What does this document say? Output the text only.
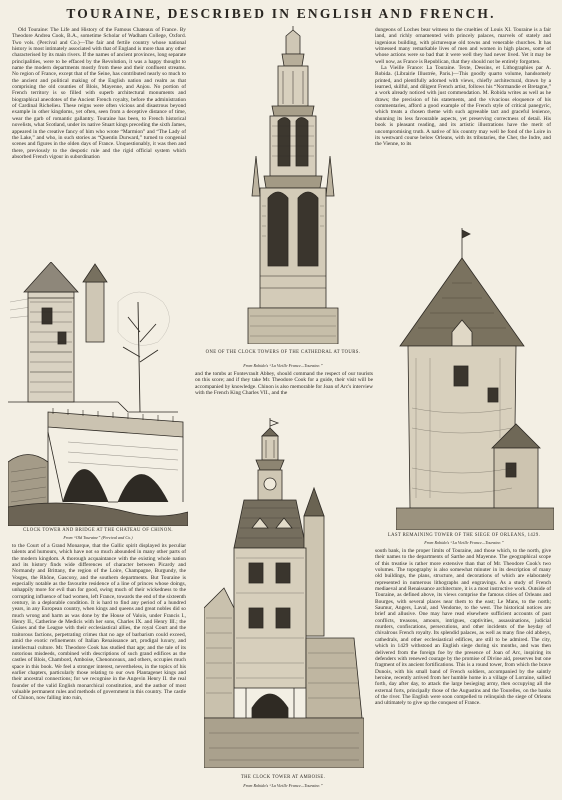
TOURAINE, DESCRIBED IN ENGLISH AND FRENCH.

Old Touraine: The Life and History of the Famous Chateaux of France. By Theodore Andrea Cook, B.A., sometime Scholar of Wadham College, Oxford. Two vols. (Percival and Co.)—The fair and fertile country whose national history is most intimately associated with that of England is more than any other characterised by its main rivers. If the names of ancient provinces, long separate principalities, were to be effaced by the Revolution, it was a happy thought to name the modern departments mostly from these and their confluent streams. No region of France, except that of the Seine, has contributed nearly so much to the ancient and political making of the English nation and realm as that comprising the old counties of Blois, Mayenne, and Anjou. No portion of French territory is so filled with superb architectural monuments and biographical anecdotes of the Ancient French royalty, before the administration of Cardinal Richelieu. These reigns were often vicious and disastrous beyond example in other kingdoms, yet often, seen from a deceptive distance of time, wear the garb of romantic gallantry. Touraine has been, to French historical novelists, what Scotland, under its native Stuart kings preceding the sixth James, appeared in the creative fancy of him who wrote “Marmion” and “The Lady of the Lake,” and who, in such stories as “Quentin Durward,” turned to congenial scenes and figures in the olden days of France. Unquestionably, it was then and there, previously to the despotic rule and the rigid official system which absorbed French vigour in subordination

CLOCK TOWER AND BRIDGE AT THE CHATEAU OF CHINON.
From “Old Touraine” (Percival and Co.)

to the Court of a Grand Monarque, that the Gallic spirit displayed its peculiar talents and humours, which have not so much abounded in many other parts of the modern kingdom. A thorough acquaintance with the existing whole nation and its history finds wide differences of character between Picardy and Normandy and Brittany, the region of the Loire, Champagne, Burgundy, the Vosges, the Rhône, Gascony, and the southern departments. But Touraine is especially notable as the favourite residence of a line of princes whose doings, unhappily more for evil than for good, swing much of their wickedness to the corrupting influence of bad women, left France, towards the end of the sixteenth century, in a deplorable condition. It is hard to find any period of a hundred years, in any European country, when kings and queens and great nobles did so much wrong and harm as was done by the House of Valois, under Francis I., Henry II., Catherine de Medicis with her sons, Charles IX. and Henry III.; the Guises and the League with their ecclesiastical allies, the royal Court and the traitorous factions, perpetrating crimes that no age of barbarism could exceed, amid the exotic refinements of Italian Renaissance art, prodigal luxury, and intellectual culture. Mr. Theodore Cook has studied that age; and the tale of its notorious misdeeds, combined with descriptions of such grand edifices as the castles of Blois, Chambord, Amboise, Chenonceaux, and others, occupies much space in this book. We feel a stronger interest, nevertheless, in the topics of his earlier chapters, particularly those relating to our own Plantagenet kings and their ancestral connections; for we recognise in the Angevin Henry II. the real founder of the valid English monarchical constitution, and the author of most valuable permanent rules and methods of government in this country. The castle of Chinon, now falling into ruin,

ONE OF THE CLOCK TOWERS OF THE CATHEDRAL AT TOURS.
From Robida's “La Vieille France—Touraine.”

and the tombs at Fontevrault Abbey, should command the respect of our tourists on this score; and if they take Mr. Theodore Cook for a guide, their visit will be accompanied by knowledge. Chinon is also memorable for Joan of Arc's interview with the French King Charles VII., and the

THE CLOCK TOWER AT AMBOISE.
From Robida's “La Vieille France—Touraine.”

dungeons of Loches bear witness to the cruelties of Louis XI. Touraine is a fair land, and richly ornamented with princely palaces, marvels of stately and ingenious building, with picturesque old towns and venerable churches. It has witnessed many remarkable lives of men and women in high places, some of whose actions were so bad that it were well they had never lived. Yet it may be well now, as France is Republican, that they should not be entirely forgotten.

La Vieille France: La Touraine. Texte, Dessins, et Lithographies par A. Robida. (Librairie Illustrée, Paris.)—This goodly quarto volume, handsomely printed, and plentifully adorned with views, chiefly architectural, drawn by a learned, skilful, and diligent French artist, follows his “Normandie et Bretagne,” a work already noticed with just commendation. M. Robida writes as well as he draws; the precision of his statements, and the vivacious eloquence of his commentaries, afford a good example of the French style of critical panegyric, which treats a chosen theme with such agreeable tact and graceful lenience, shunning its less favourable aspects, yet preserving correctness of detail. His book is pleasant reading, and its artistic illustrations have the merit of uncompromising truth. A native of his country may well be fond of the Loire in its westward course below Orleans, with its tributaries, the Cher, the Indre, and the Vienne, to its

LAST REMAINING TOWER OF THE SIEGE OF ORLEANS, 1429.
From Robida's “La Vieille France—Touraine.”

south bank, in the proper limits of Touraine, and those which, to the north, give their names to the departments of Sarthe and Mayenne. The geographical scope of this treatise is rather more extensive than that of Mr. Theodore Cook's two volumes. The topography is also somewhat minuter in its description of many old buildings, the plans, structure, and decorations of which are elaborately represented in numerous lithographs and engravings. As a study of French mediaeval and Renaissance architecture, it is a most instructive work. Outside of Touraine, as defined above, its views comprise the famous cities of Orleans and Bourges, with several places near them to the east; Le Mans, to the north; Saumur, Angers, Laval, and Vendome, to the west. The historical notices are brief and allusive. One may have read elsewhere sufficient accounts of past conflicts, treasons, amours, intrigues, captivities, assassinations, judicial murders, confiscations, persecutions, and other incidents of the heyday of chivalrous French royalty. Its splendid palaces, as well as many fine old abbeys, cathedrals, and other ecclesiastical edifices, are still to be admired. The city, which in 1429 withstood an English siege during six months, and was then delivered from the foreign foe by the presence of Joan of Arc, inspiring its defenders with renewed courage by the promise of Divine aid, preserves but one fragment of its ancient fortifications. This is a round tower, from which the brave Dunois, with his small band of French soldiers, accompanied by the saintly heroine, recently arrived from her humble home in a village of Lorraine, sallied forth, day after day, to attack the large besieging army, then occupying all the external forts, principally those of the Augustins and the Tourelles, on the banks of the river. The English were soon compelled to relinquish the siege of Orleans and ultimately to give up the conquest of France.
